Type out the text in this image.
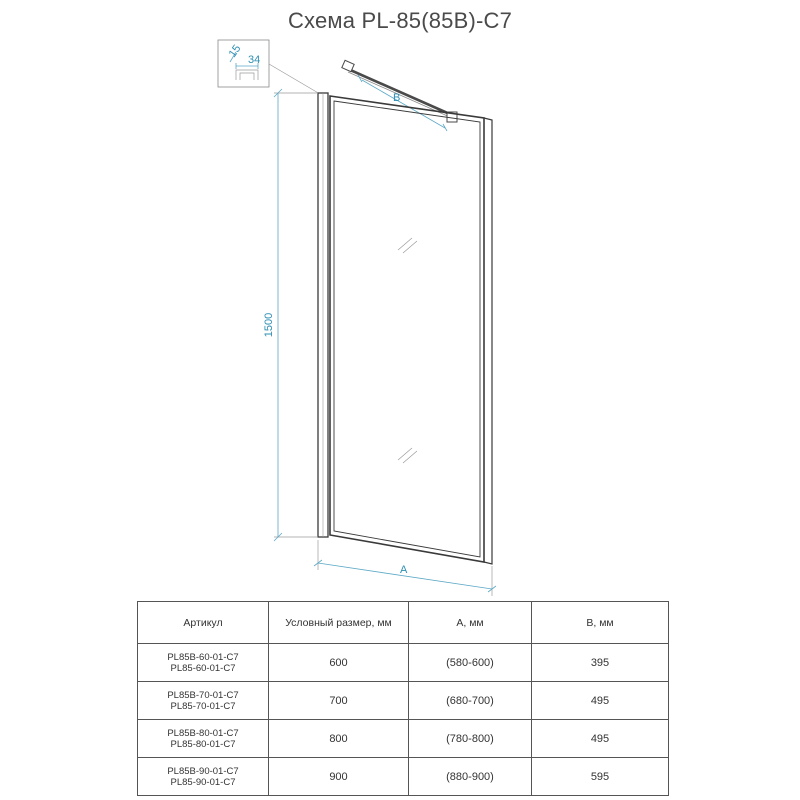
Схема PL-85(85B)-С7
15
34
B
1500
A
Артикул	Условный размер, мм	А, мм	B, мм

PL85B-60-01-C7
PL85-60-01-C7	600	(580-600)	395

PL85B-70-01-C7
PL85-70-01-C7	700	(680-700)	495

PL85B-80-01-C7
PL85-80-01-C7	800	(780-800)	495

PL85B-90-01-C7
PL85-90-01-C7	900	(880-900)	595
